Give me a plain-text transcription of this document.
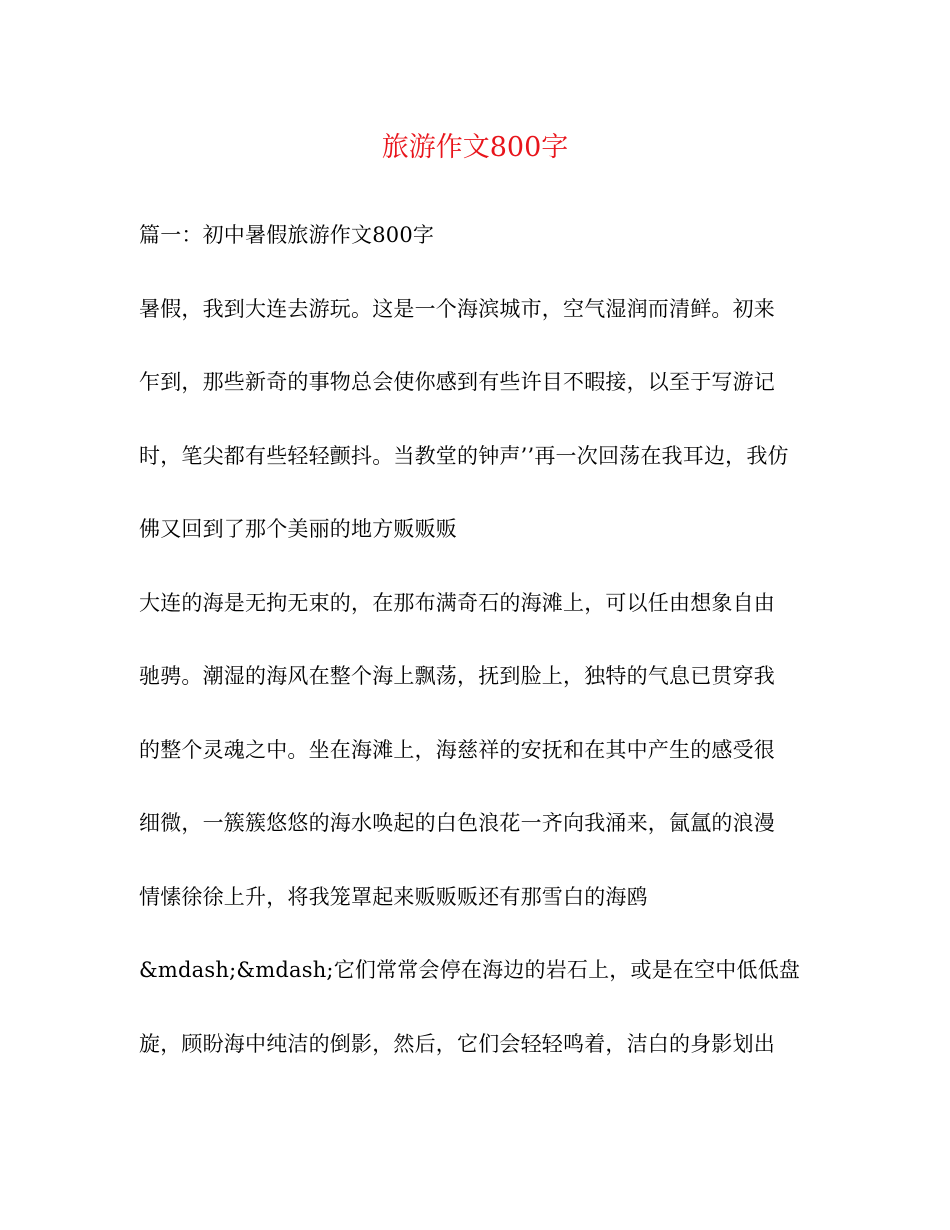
旅游作文800字
篇一：初中暑假旅游作文800字
暑假，我到大连去游玩。这是一个海滨城市，空气湿润而清鲜。初来
乍到，那些新奇的事物总会使你感到有些许目不暇接，以至于写游记
时，笔尖都有些轻轻颤抖。当教堂的钟声’’再一次回荡在我耳边，我仿
佛又回到了那个美丽的地方贩贩贩
大连的海是无拘无束的，在那布满奇石的海滩上，可以任由想象自由
驰骋。潮湿的海风在整个海上飘荡，抚到脸上，独特的气息已贯穿我
的整个灵魂之中。坐在海滩上，海慈祥的安抚和在其中产生的感受很
细微，一簇簇悠悠的海水唤起的白色浪花一齐向我涌来，氤氲的浪漫
情愫徐徐上升，将我笼罩起来贩贩贩还有那雪白的海鸥
&mdash;&mdash;它们常常会停在海边的岩石上，或是在空中低低盘
旋，顾盼海中纯洁的倒影，然后，它们会轻轻鸣着，洁白的身影划出
